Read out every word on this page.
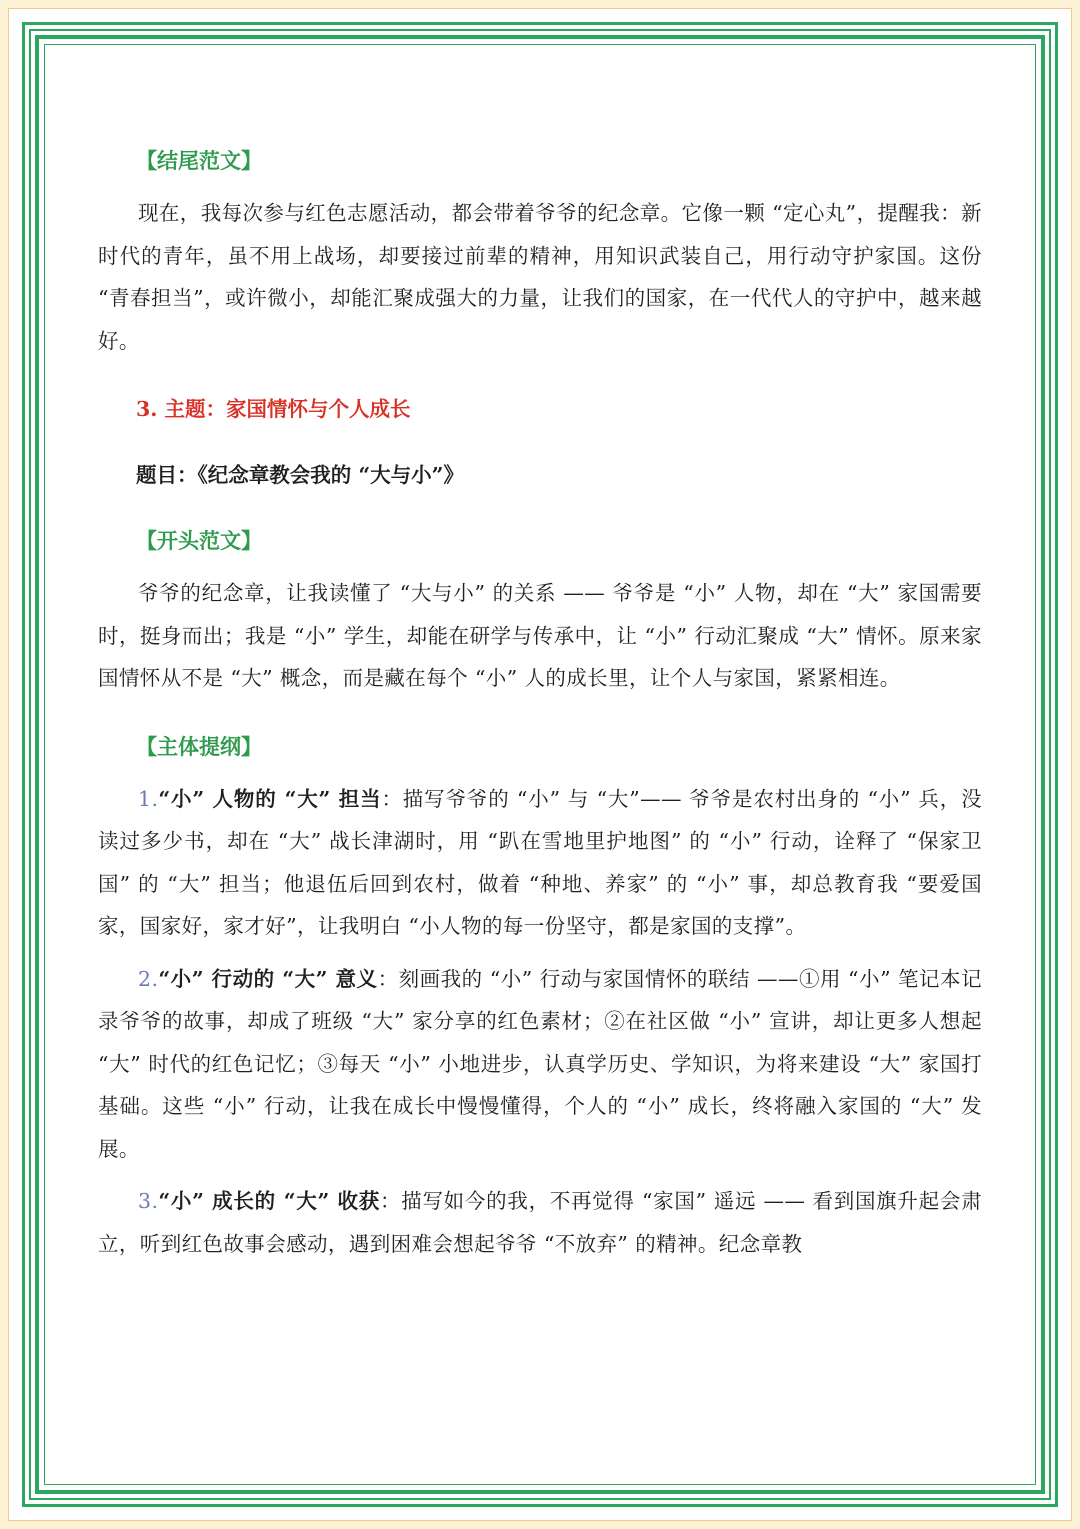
【结尾范文】
现在，我每次参与红色志愿活动，都会带着爷爷的纪念章。它像一颗 “定心丸”，提醒我：新时代的青年，虽不用上战场，却要接过前辈的精神，用知识武装自己，用行动守护家国。这份 “青春担当”，或许微小，却能汇聚成强大的力量，让我们的国家，在一代代人的守护中，越来越好。
3. 主题：家国情怀与个人成长
题目：《纪念章教会我的 “大与小”》
【开头范文】
爷爷的纪念章，让我读懂了 “大与小” 的关系 —— 爷爷是 “小” 人物，却在 “大” 家国需要时，挺身而出；我是 “小” 学生，却能在研学与传承中，让 “小” 行动汇聚成 “大” 情怀。原来家国情怀从不是 “大” 概念，而是藏在每个 “小” 人的成长里，让个人与家国，紧紧相连。
【主体提纲】
1.“小” 人物的 “大” 担当：描写爷爷的 “小” 与 “大”—— 爷爷是农村出身的 “小” 兵，没读过多少书，却在 “大” 战长津湖时，用 “趴在雪地里护地图” 的 “小” 行动，诠释了 “保家卫国” 的 “大” 担当；他退伍后回到农村，做着 “种地、养家” 的 “小” 事，却总教育我 “要爱国家，国家好，家才好”，让我明白 “小人物的每一份坚守，都是家国的支撑”。
2.“小” 行动的 “大” 意义：刻画我的 “小” 行动与家国情怀的联结 ——①用 “小” 笔记本记录爷爷的故事，却成了班级 “大” 家分享的红色素材；②在社区做 “小” 宣讲，却让更多人想起 “大” 时代的红色记忆；③每天 “小” 小地进步，认真学历史、学知识，为将来建设 “大” 家国打基础。这些 “小” 行动，让我在成长中慢慢懂得，个人的 “小” 成长，终将融入家国的 “大” 发展。
3.“小” 成长的 “大” 收获：描写如今的我，不再觉得 “家国” 遥远 —— 看到国旗升起会肃立，听到红色故事会感动，遇到困难会想起爷爷 “不放弃” 的精神。纪念章教
